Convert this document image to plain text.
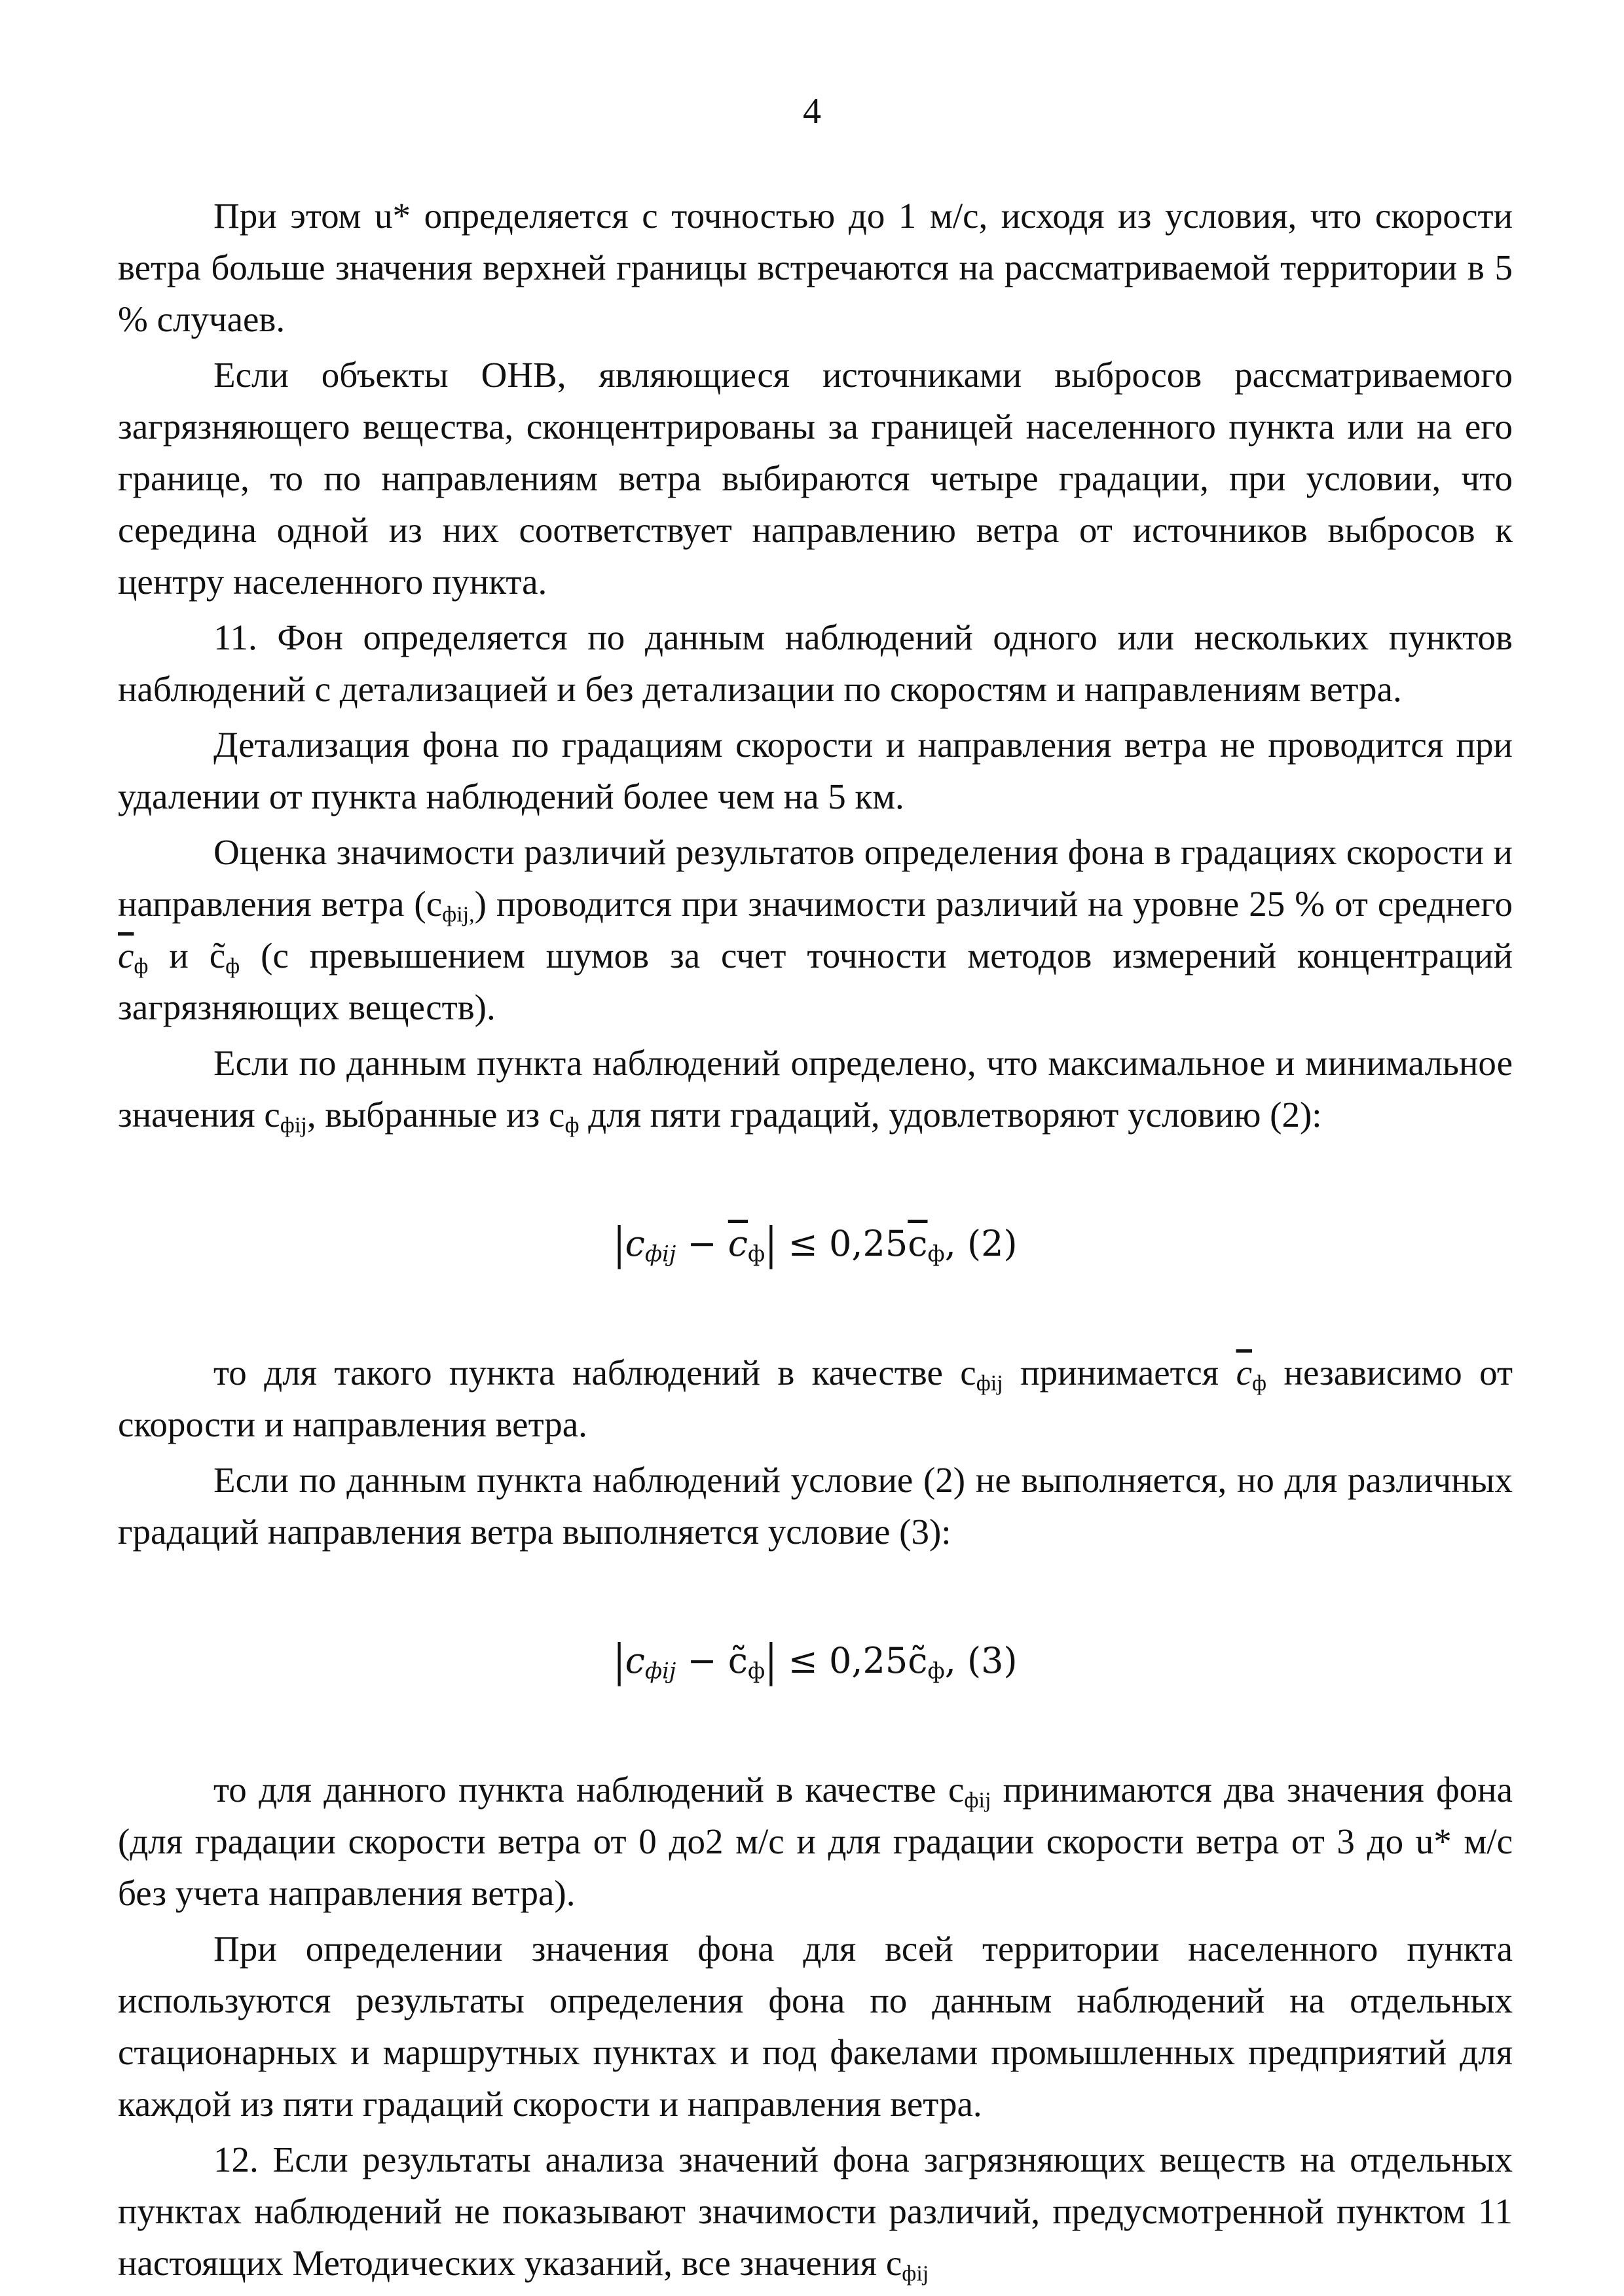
4

При этом u* определяется с точностью до 1 м/с, исходя из условия, что скорости ветра больше значения верхней границы встречаются на рассматриваемой территории в 5 % случаев.

Если объекты ОНВ, являющиеся источниками выбросов рассматриваемого загрязняющего вещества, сконцентрированы за границей населенного пункта или на его границе, то по направлениям ветра выбираются четыре градации, при условии, что середина одной из них соответствует направлению ветра от источников выбросов к центру населенного пункта.

11. Фон определяется по данным наблюдений одного или нескольких пунктов наблюдений с детализацией и без детализации по скоростям и направлениям ветра.

Детализация фона по градациям скорости и направления ветра не проводится при удалении от пункта наблюдений более чем на 5 км.

Оценка значимости различий результатов определения фона в градациях скорости и направления ветра $(c_{фij,})$ проводится при значимости различий на уровне 25 % от среднего $\overline{c}_ф$ и $c̃_ф$ (с превышением шумов за счет точности методов измерений концентраций загрязняющих веществ).

Если по данным пункта наблюдений определено, что максимальное и минимальное значения $c_{фij}$, выбранные из $c_ф$ для пяти градаций, удовлетворяют условию (2):

$|c_{фij} - \overline{c}_ф| \le 0,25\overline{c}_ф$, (2)

то для такого пункта наблюдений в качестве $c_{фij}$ принимается $\overline{c}_ф$ независимо от скорости и направления ветра.

Если по данным пункта наблюдений условие (2) не выполняется, но для различных градаций направления ветра выполняется условие (3):

$|c_{фij}$ − $c̃_ф|$ ≤ $0,25c̃_ф$, (3)

то для данного пункта наблюдений в качестве $c_{фij}$ принимаются два значения фона (для градации скорости ветра от 0 до2 м/с и для градации скорости ветра от 3 до u* м/с без учета направления ветра).

При определении значения фона для всей территории населенного пункта используются результаты определения фона по данным наблюдений на отдельных стационарных и маршрутных пунктах и под факелами промышленных предприятий для каждой из пяти градаций скорости и направления ветра.

12. Если результаты анализа значений фона загрязняющих веществ на отдельных пунктах наблюдений не показывают значимости различий, предусмотренной пунктом 11 настоящих Методических указаний, все значения $c_{фij}$
